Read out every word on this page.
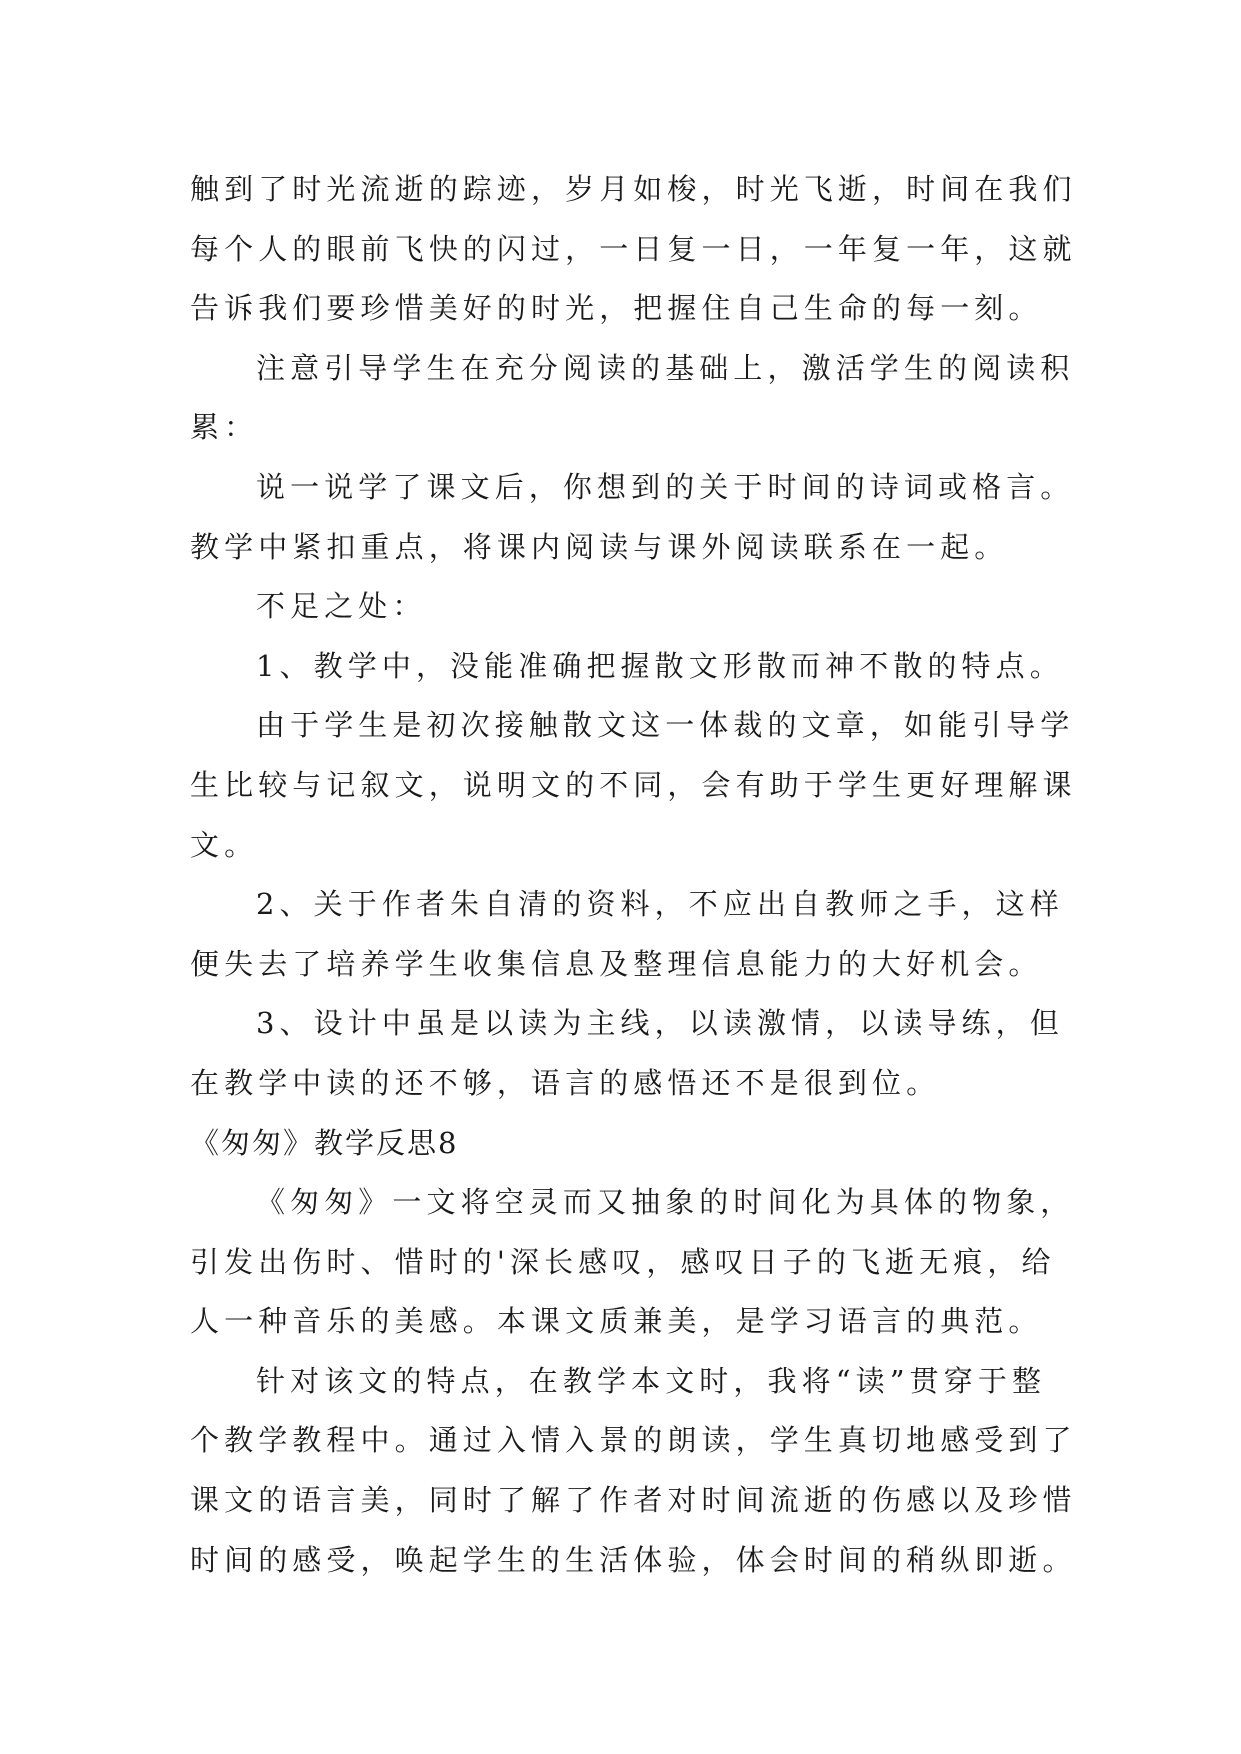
触到了时光流逝的踪迹，岁月如梭，时光飞逝，时间在我们
每个人的眼前飞快的闪过，一日复一日，一年复一年，这就
告诉我们要珍惜美好的时光，把握住自己生命的每一刻。
注意引导学生在充分阅读的基础上，激活学生的阅读积
累：
说一说学了课文后，你想到的关于时间的诗词或格言。
教学中紧扣重点，将课内阅读与课外阅读联系在一起。
不足之处：
1、教学中，没能准确把握散文形散而神不散的特点。
由于学生是初次接触散文这一体裁的文章，如能引导学
生比较与记叙文，说明文的不同，会有助于学生更好理解课
文。
2、关于作者朱自清的资料，不应出自教师之手，这样
便失去了培养学生收集信息及整理信息能力的大好机会。
3、设计中虽是以读为主线，以读激情，以读导练，但
在教学中读的还不够，语言的感悟还不是很到位。
《匆匆》教学反思8
《匆匆》一文将空灵而又抽象的时间化为具体的物象，
引发出伤时、惜时的'深长感叹，感叹日子的飞逝无痕，给
人一种音乐的美感。本课文质兼美，是学习语言的典范。
针对该文的特点，在教学本文时，我将“读”贯穿于整
个教学教程中。通过入情入景的朗读，学生真切地感受到了
课文的语言美，同时了解了作者对时间流逝的伤感以及珍惜
时间的感受，唤起学生的生活体验，体会时间的稍纵即逝。
